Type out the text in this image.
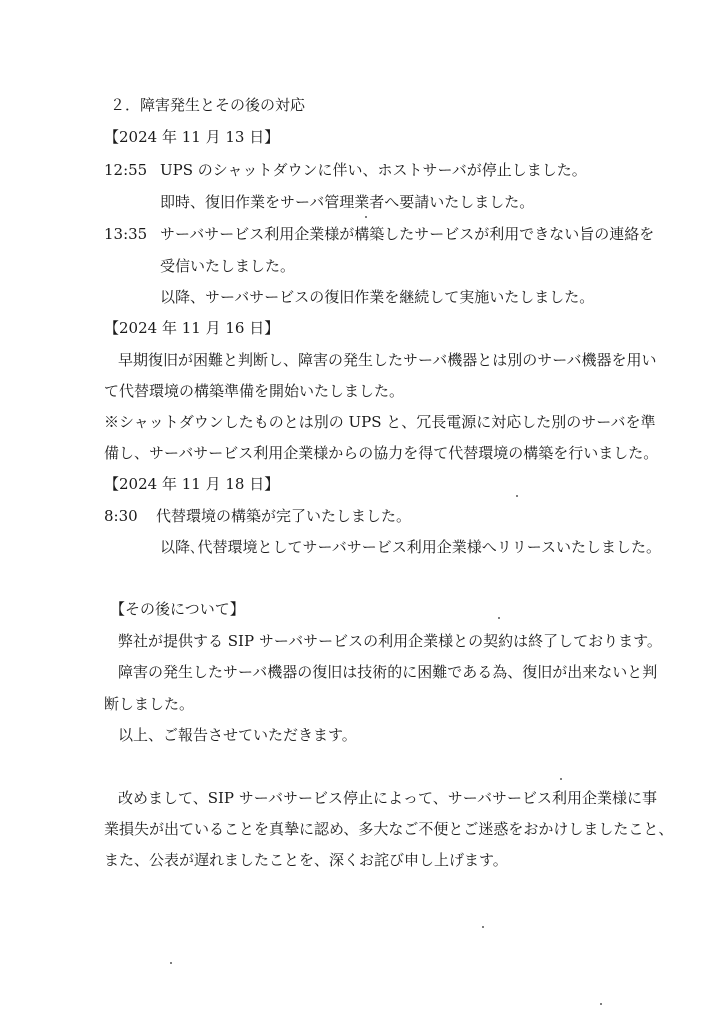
２．障害発生とその後の対応
【2024 年 11 月 13 日】
12:55 UPS のシャットダウンに伴い、ホストサーバが停止しました。
即時、復旧作業をサーバ管理業者へ要請いたしました。
13:35 サーバサービス利用企業様が構築したサービスが利用できない旨の連絡を
受信いたしました。
以降、サーバサービスの復旧作業を継続して実施いたしました。
【2024 年 11 月 16 日】
早期復旧が困難と判断し、障害の発生したサーバ機器とは別のサーバ機器を用い
て代替環境の構築準備を開始いたしました。
※シャットダウンしたものとは別の UPS と、冗長電源に対応した別のサーバを準
備し、サーバサービス利用企業様からの協力を得て代替環境の構築を行いました。
【2024 年 11 月 18 日】
8:30 代替環境の構築が完了いたしました。
以降､代替環境としてサーバサービス利用企業様へリリースいたしました。
【その後について】
弊社が提供する SIP サーバサービスの利用企業様との契約は終了しております。
障害の発生したサーバ機器の復旧は技術的に困難である為、復旧が出来ないと判
断しました。
以上、ご報告させていただきます。
改めまして、SIP サーバサービス停止によって、サーバサービス利用企業様に事
業損失が出ていることを真摯に認め、多大なご不便とご迷惑をおかけしましたこと、
また、公表が遅れましたことを、深くお詫び申し上げます。
